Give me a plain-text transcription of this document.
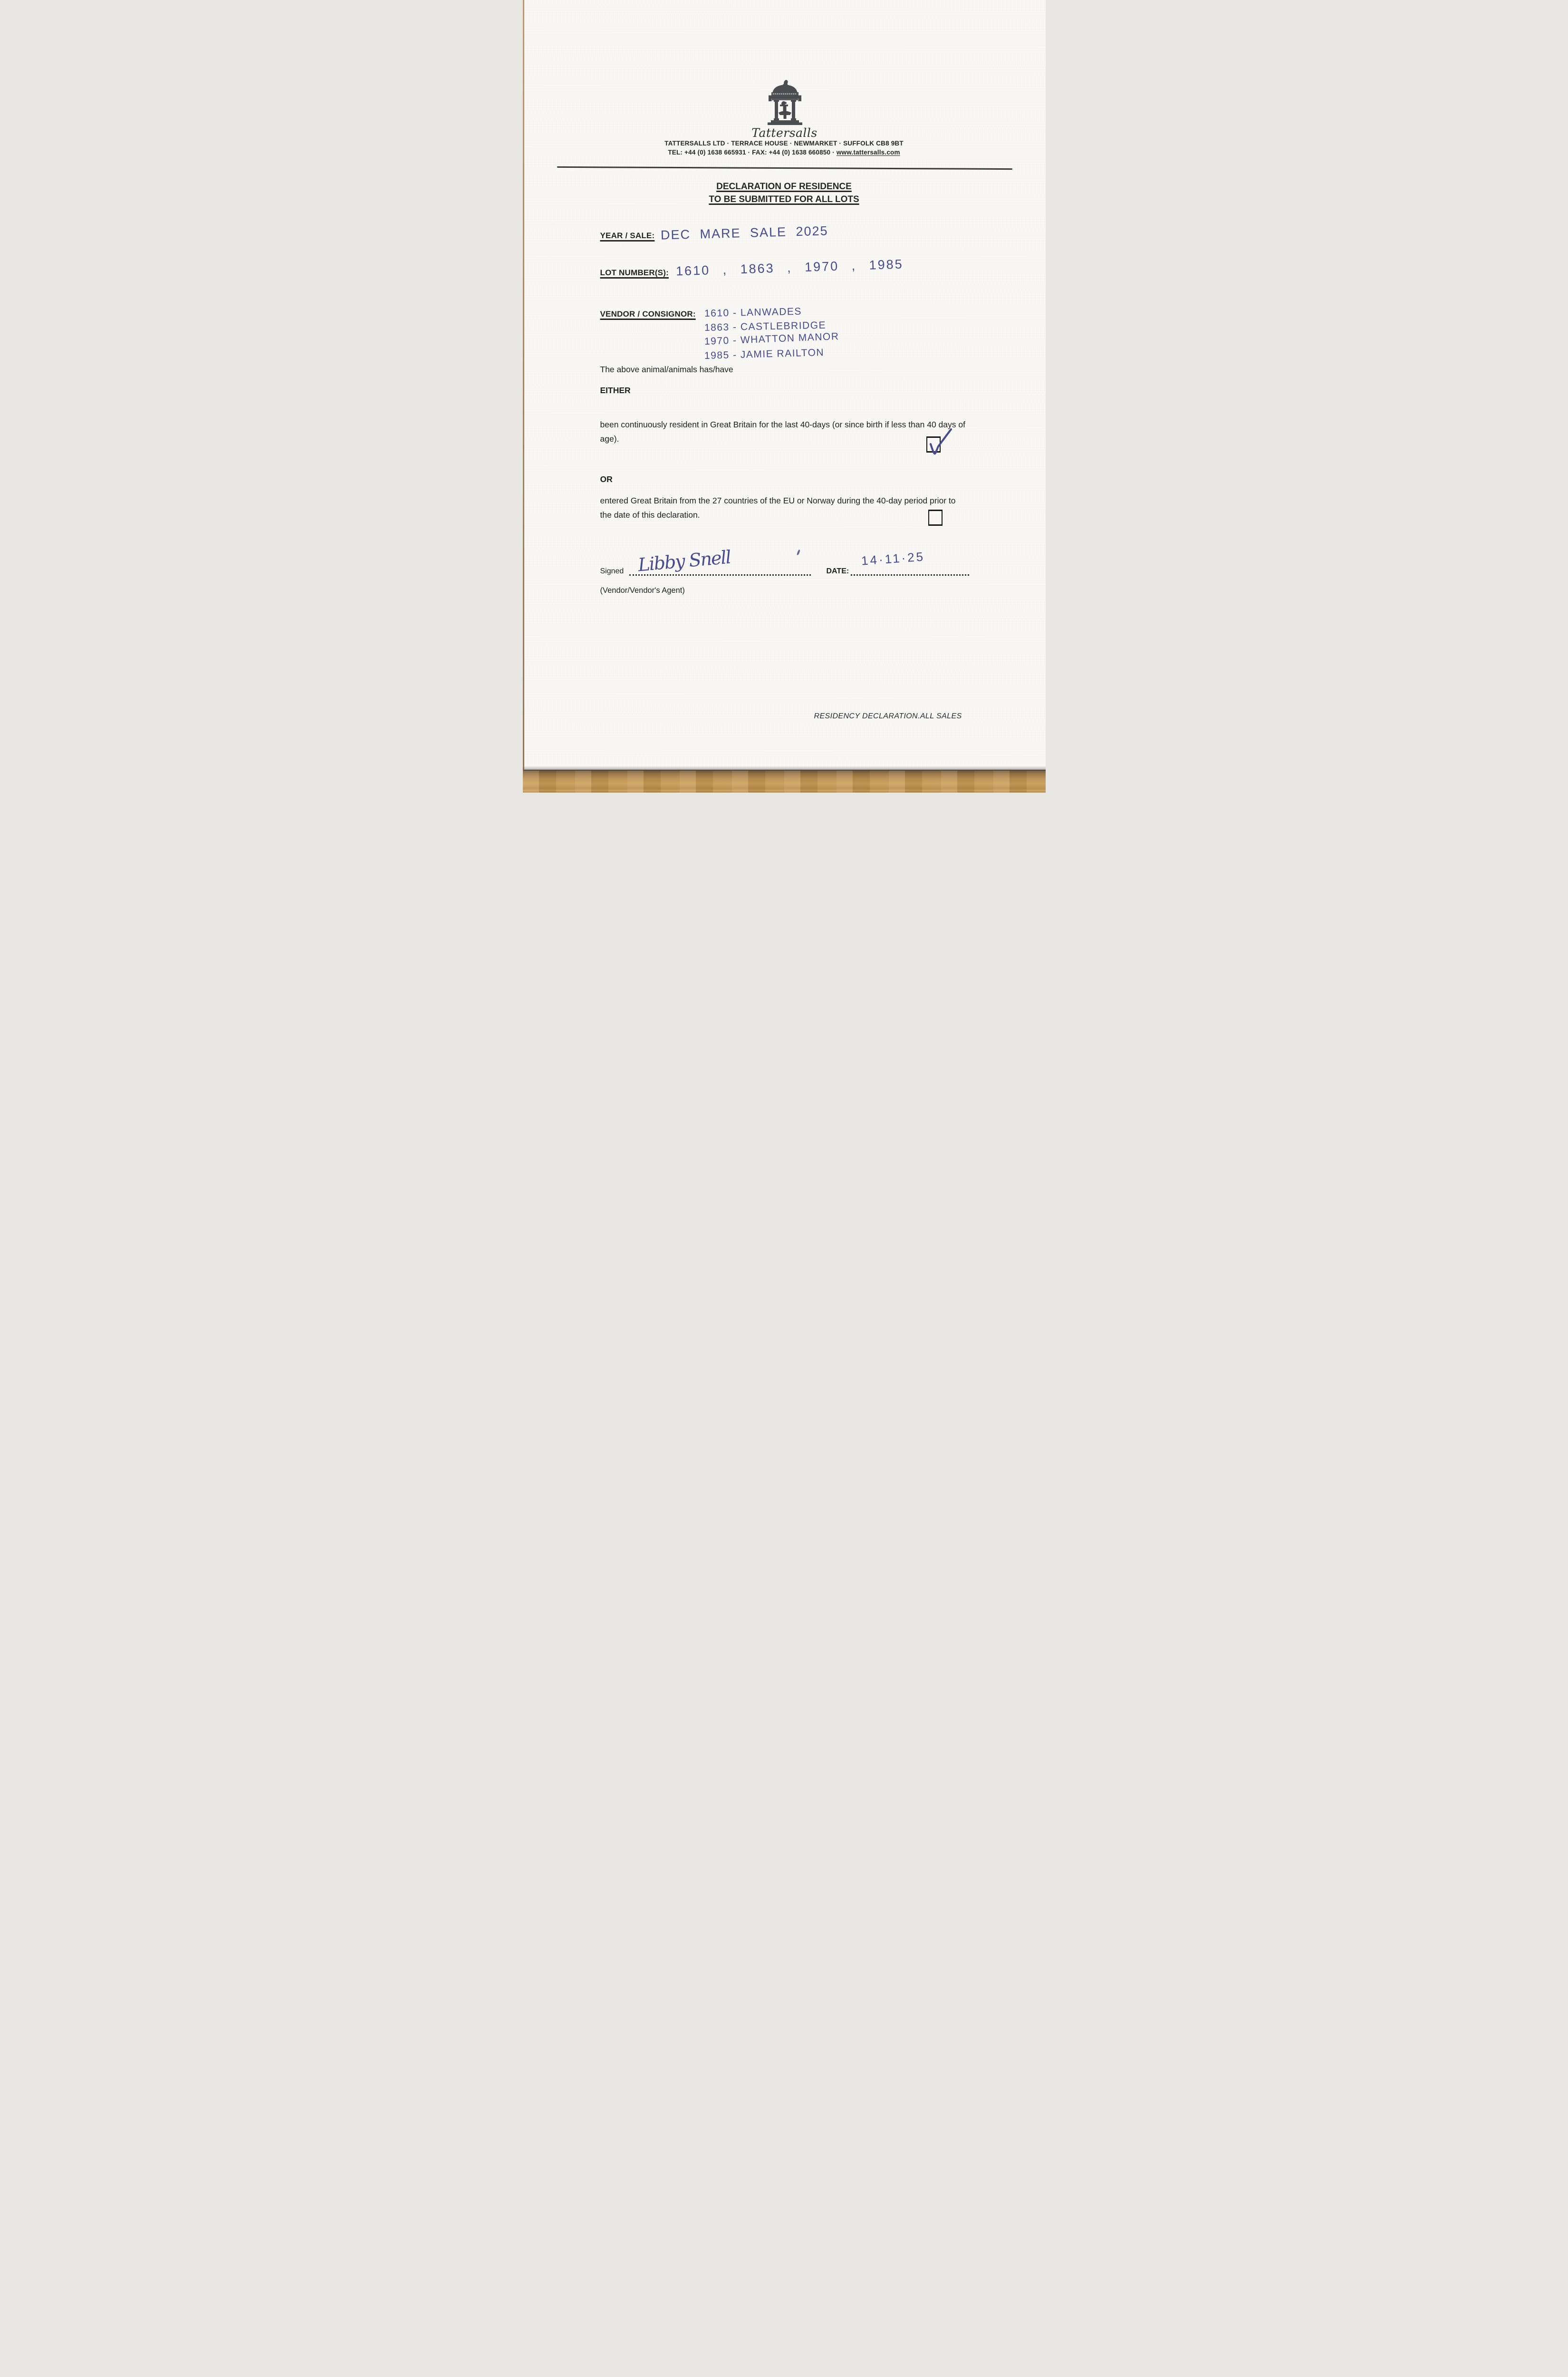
Tattersalls
TATTERSALLS LTD · TERRACE HOUSE · NEWMARKET · SUFFOLK CB8 9BT
TEL: +44 (0) 1638 665931 · FAX: +44 (0) 1638 660850 · www.tattersalls.com
DECLARATION OF RESIDENCE
TO BE SUBMITTED FOR ALL LOTS
YEAR / SALE: DEC MARE SALE 2025
LOT NUMBER(S): 1610 , 1863 , 1970 , 1985
VENDOR / CONSIGNOR: 1610 - LANWADES
1863 - CASTLEBRIDGE
1970 - WHATTON MANOR
1985 - JAMIE RAILTON
The above animal/animals has/have
EITHER
been continuously resident in Great Britain for the last 40-days (or since birth if less than 40 days of age).
OR
entered Great Britain from the 27 countries of the EU or Norway during the 40-day period prior to the date of this declaration.
Signed Libby Snell	DATE:
14·11·25
(Vendor/Vendor's Agent)
RESIDENCY DECLARATION.ALL SALES
